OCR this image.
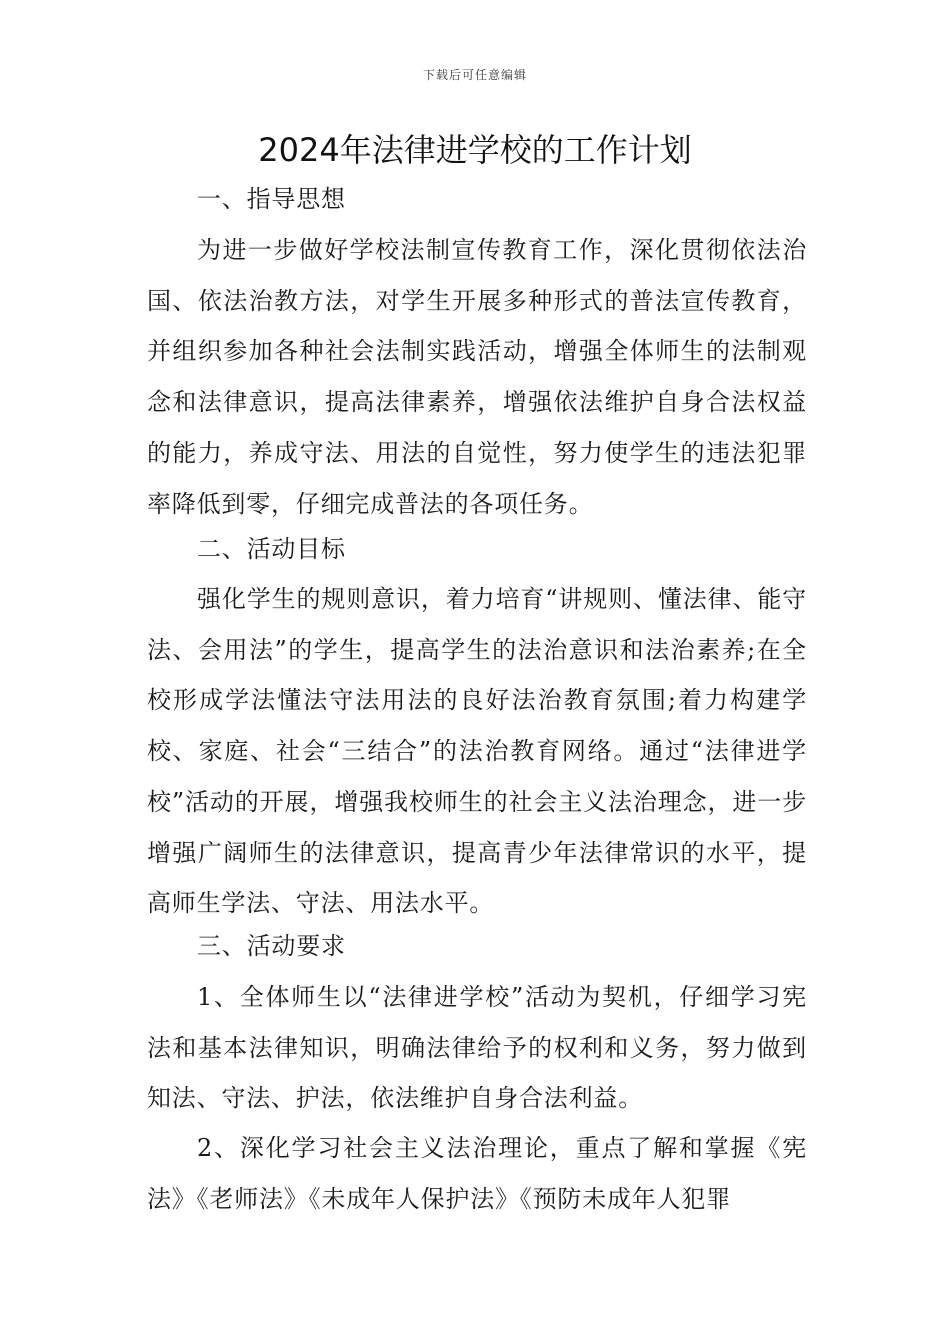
下载后可任意编辑
2024年法律进学校的工作计划
一、指导思想
为进一步做好学校法制宣传教育工作，深化贯彻依法治国、依法治教方法，对学生开展多种形式的普法宣传教育，并组织参加各种社会法制实践活动，增强全体师生的法制观念和法律意识，提高法律素养，增强依法维护自身合法权益的能力，养成守法、用法的自觉性，努力使学生的违法犯罪率降低到零，仔细完成普法的各项任务。
二、活动目标
强化学生的规则意识，着力培育“讲规则、懂法律、能守法、会用法”的学生，提高学生的法治意识和法治素养;在全校形成学法懂法守法用法的良好法治教育氛围;着力构建学校、家庭、社会“三结合”的法治教育网络。通过“法律进学校”活动的开展，增强我校师生的社会主义法治理念，进一步增强广阔师生的法律意识，提高青少年法律常识的水平，提高师生学法、守法、用法水平。
三、活动要求
1、全体师生以“法律进学校”活动为契机，仔细学习宪法和基本法律知识，明确法律给予的权利和义务，努力做到知法、守法、护法，依法维护自身合法利益。
2、深化学习社会主义法治理论，重点了解和掌握《宪法》《老师法》《未成年人保护法》《预防未成年人犯罪
